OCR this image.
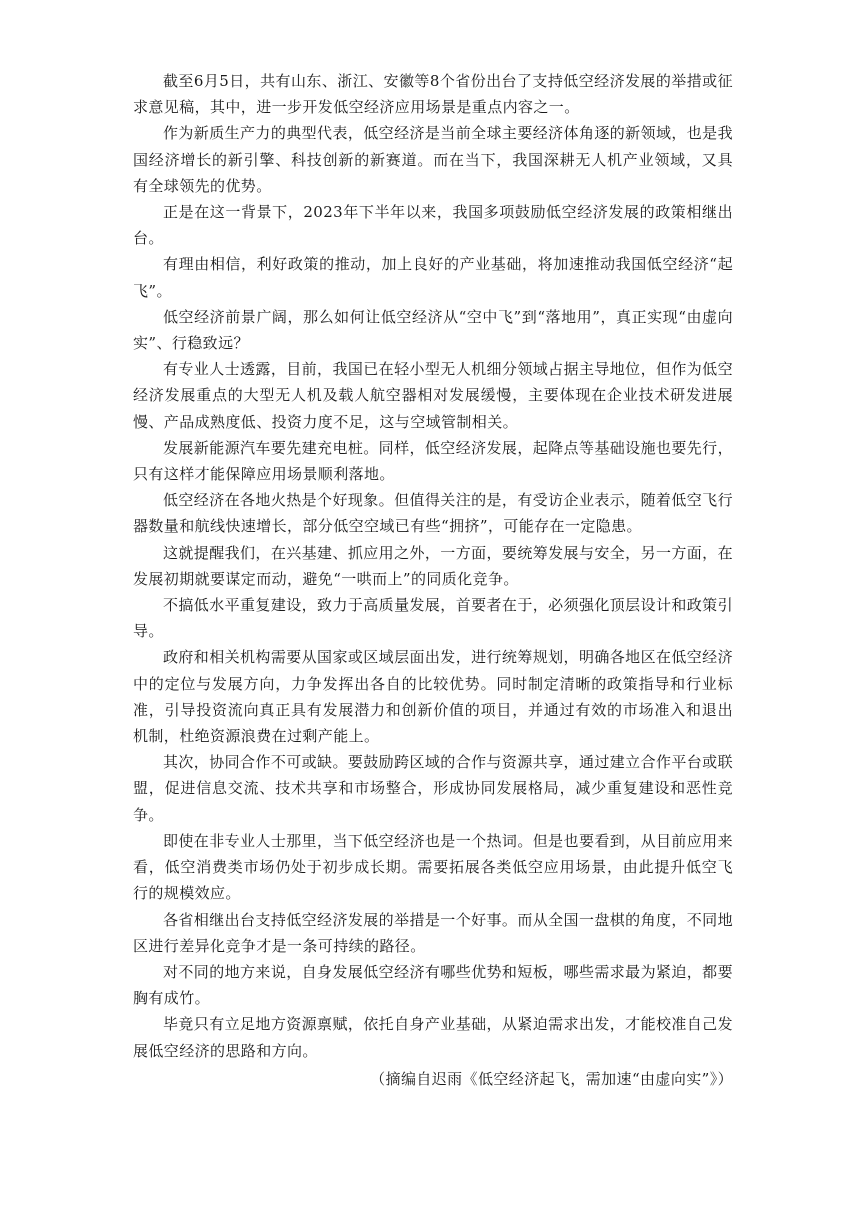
截至6月5日，共有山东、浙江、安徽等8个省份出台了支持低空经济发展的举措或征求意见稿，其中，进一步开发低空经济应用场景是重点内容之一。

作为新质生产力的典型代表，低空经济是当前全球主要经济体角逐的新领域，也是我国经济增长的新引擎、科技创新的新赛道。而在当下，我国深耕无人机产业领域，又具有全球领先的优势。

正是在这一背景下，2023年下半年以来，我国多项鼓励低空经济发展的政策相继出台。

有理由相信，利好政策的推动，加上良好的产业基础，将加速推动我国低空经济“起飞”。

低空经济前景广阔，那么如何让低空经济从“空中飞”到“落地用”，真正实现“由虚向实”、行稳致远？

有专业人士透露，目前，我国已在轻小型无人机细分领域占据主导地位，但作为低空经济发展重点的大型无人机及载人航空器相对发展缓慢，主要体现在企业技术研发进展慢、产品成熟度低、投资力度不足，这与空域管制相关。

发展新能源汽车要先建充电桩。同样，低空经济发展，起降点等基础设施也要先行，只有这样才能保障应用场景顺利落地。

低空经济在各地火热是个好现象。但值得关注的是，有受访企业表示，随着低空飞行器数量和航线快速增长，部分低空空域已有些“拥挤”，可能存在一定隐患。

这就提醒我们，在兴基建、抓应用之外，一方面，要统筹发展与安全，另一方面，在发展初期就要谋定而动，避免“一哄而上”的同质化竞争。

不搞低水平重复建设，致力于高质量发展，首要者在于，必须强化顶层设计和政策引导。

政府和相关机构需要从国家或区域层面出发，进行统筹规划，明确各地区在低空经济中的定位与发展方向，力争发挥出各自的比较优势。同时制定清晰的政策指导和行业标准，引导投资流向真正具有发展潜力和创新价值的项目，并通过有效的市场准入和退出机制，杜绝资源浪费在过剩产能上。

其次，协同合作不可或缺。要鼓励跨区域的合作与资源共享，通过建立合作平台或联盟，促进信息交流、技术共享和市场整合，形成协同发展格局，减少重复建设和恶性竞争。

即使在非专业人士那里，当下低空经济也是一个热词。但是也要看到，从目前应用来看，低空消费类市场仍处于初步成长期。需要拓展各类低空应用场景，由此提升低空飞行的规模效应。

各省相继出台支持低空经济发展的举措是一个好事。而从全国一盘棋的角度，不同地区进行差异化竞争才是一条可持续的路径。

对不同的地方来说，自身发展低空经济有哪些优势和短板，哪些需求最为紧迫，都要胸有成竹。

毕竟只有立足地方资源禀赋，依托自身产业基础，从紧迫需求出发，才能校准自己发展低空经济的思路和方向。

（摘编自迟雨《低空经济起飞，需加速“由虚向实”》）
